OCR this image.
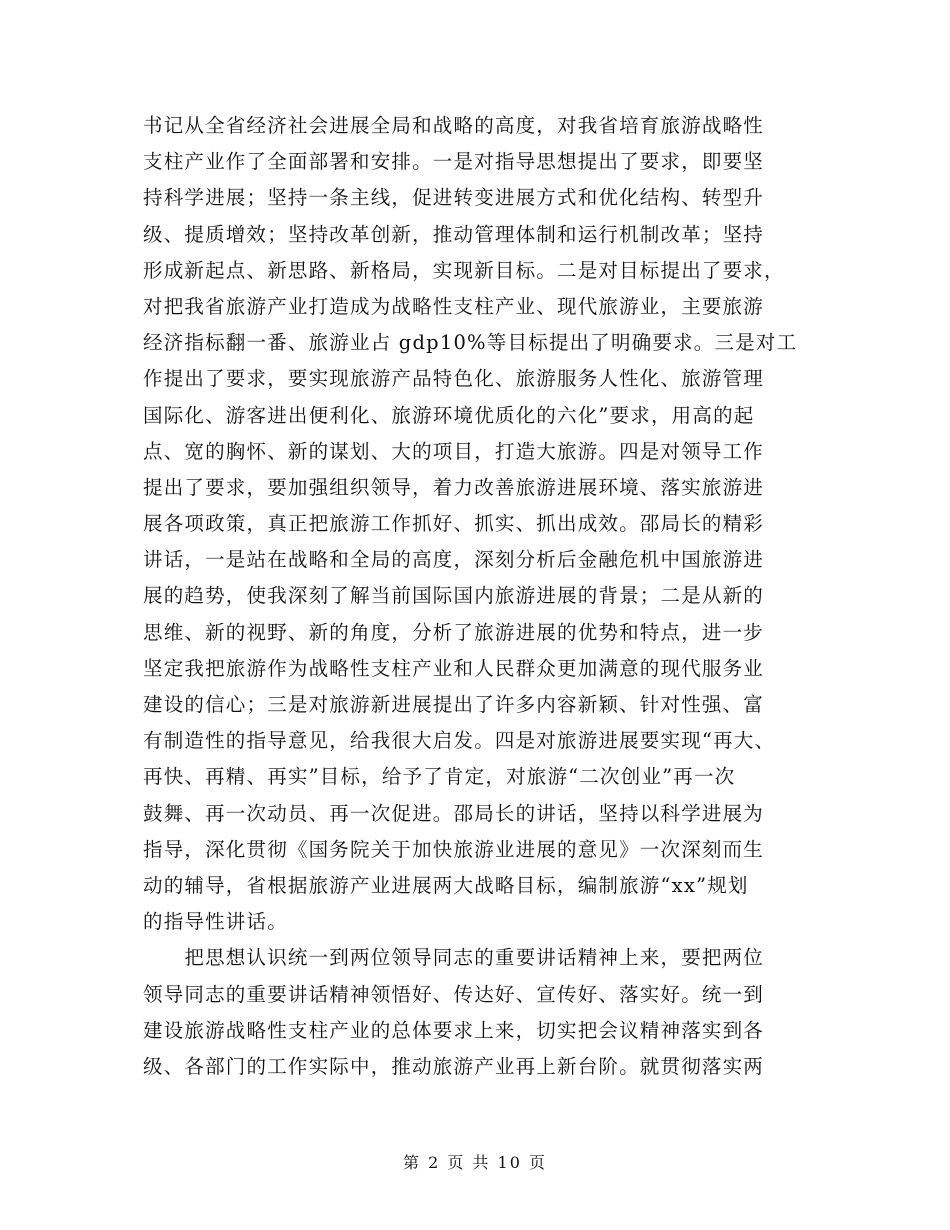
书记从全省经济社会进展全局和战略的高度，对我省培育旅游战略性
支柱产业作了全面部署和安排。一是对指导思想提出了要求，即要坚
持科学进展；坚持一条主线，促进转变进展方式和优化结构、转型升
级、提质增效；坚持改革创新，推动管理体制和运行机制改革；坚持
形成新起点、新思路、新格局，实现新目标。二是对目标提出了要求，
对把我省旅游产业打造成为战略性支柱产业、现代旅游业，主要旅游
经济指标翻一番、旅游业占 gdp10%等目标提出了明确要求。三是对工
作提出了要求，要实现旅游产品特色化、旅游服务人性化、旅游管理
国际化、游客进出便利化、旅游环境优质化的六化”要求，用高的起
点、宽的胸怀、新的谋划、大的项目，打造大旅游。四是对领导工作
提出了要求，要加强组织领导，着力改善旅游进展环境、落实旅游进
展各项政策，真正把旅游工作抓好、抓实、抓出成效。邵局长的精彩
讲话，一是站在战略和全局的高度，深刻分析后金融危机中国旅游进
展的趋势，使我深刻了解当前国际国内旅游进展的背景；二是从新的
思维、新的视野、新的角度，分析了旅游进展的优势和特点，进一步
坚定我把旅游作为战略性支柱产业和人民群众更加满意的现代服务业
建设的信心；三是对旅游新进展提出了许多内容新颖、针对性强、富
有制造性的指导意见，给我很大启发。四是对旅游进展要实现“再大、
再快、再精、再实”目标，给予了肯定，对旅游“二次创业”再一次
鼓舞、再一次动员、再一次促进。邵局长的讲话，坚持以科学进展为
指导，深化贯彻《国务院关于加快旅游业进展的意见》一次深刻而生
动的辅导，省根据旅游产业进展两大战略目标，编制旅游“xx”规划
的指导性讲话。
　　把思想认识统一到两位领导同志的重要讲话精神上来，要把两位
领导同志的重要讲话精神领悟好、传达好、宣传好、落实好。统一到
建设旅游战略性支柱产业的总体要求上来，切实把会议精神落实到各
级、各部门的工作实际中，推动旅游产业再上新台阶。就贯彻落实两
第 2 页 共 10 页
